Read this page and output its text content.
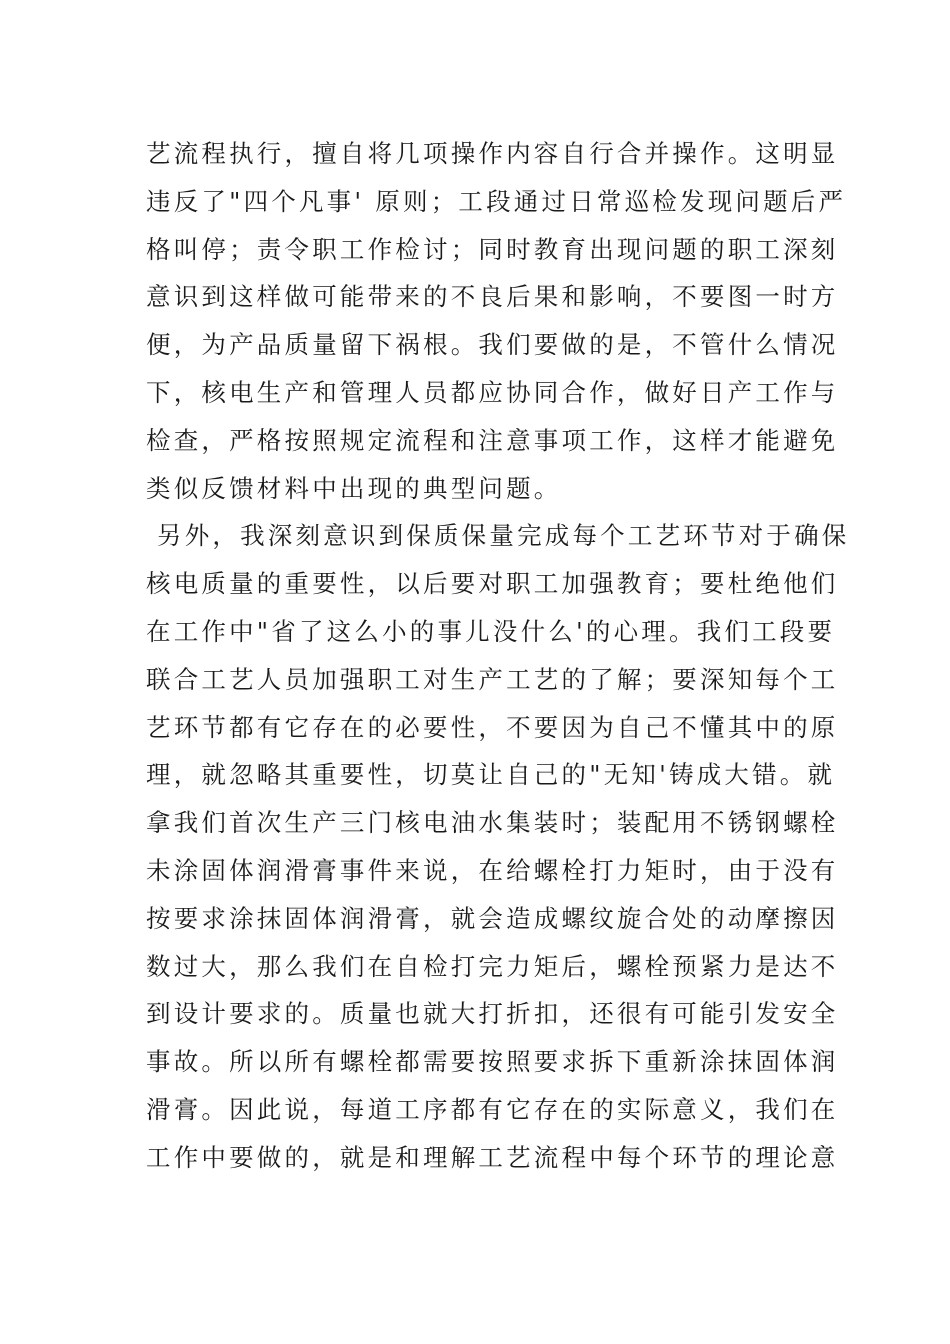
艺流程执行，擅自将几项操作内容自行合并操作。这明显
违反了"四个凡事' 原则；工段通过日常巡检发现问题后严
格叫停；责令职工作检讨；同时教育出现问题的职工深刻
意识到这样做可能带来的不良后果和影响，不要图一时方
便，为产品质量留下祸根。我们要做的是，不管什么情况
下，核电生产和管理人员都应协同合作，做好日产工作与
检查，严格按照规定流程和注意事项工作，这样才能避免
类似反馈材料中出现的典型问题。
另外，我深刻意识到保质保量完成每个工艺环节对于确保
核电质量的重要性，以后要对职工加强教育；要杜绝他们
在工作中"省了这么小的事儿没什么'的心理。我们工段要
联合工艺人员加强职工对生产工艺的了解；要深知每个工
艺环节都有它存在的必要性，不要因为自己不懂其中的原
理，就忽略其重要性，切莫让自己的"无知'铸成大错。就
拿我们首次生产三门核电油水集装时；装配用不锈钢螺栓
未涂固体润滑膏事件来说，在给螺栓打力矩时，由于没有
按要求涂抹固体润滑膏，就会造成螺纹旋合处的动摩擦因
数过大，那么我们在自检打完力矩后，螺栓预紧力是达不
到设计要求的。质量也就大打折扣，还很有可能引发安全
事故。所以所有螺栓都需要按照要求拆下重新涂抹固体润
滑膏。因此说，每道工序都有它存在的实际意义，我们在
工作中要做的，就是和理解工艺流程中每个环节的理论意
